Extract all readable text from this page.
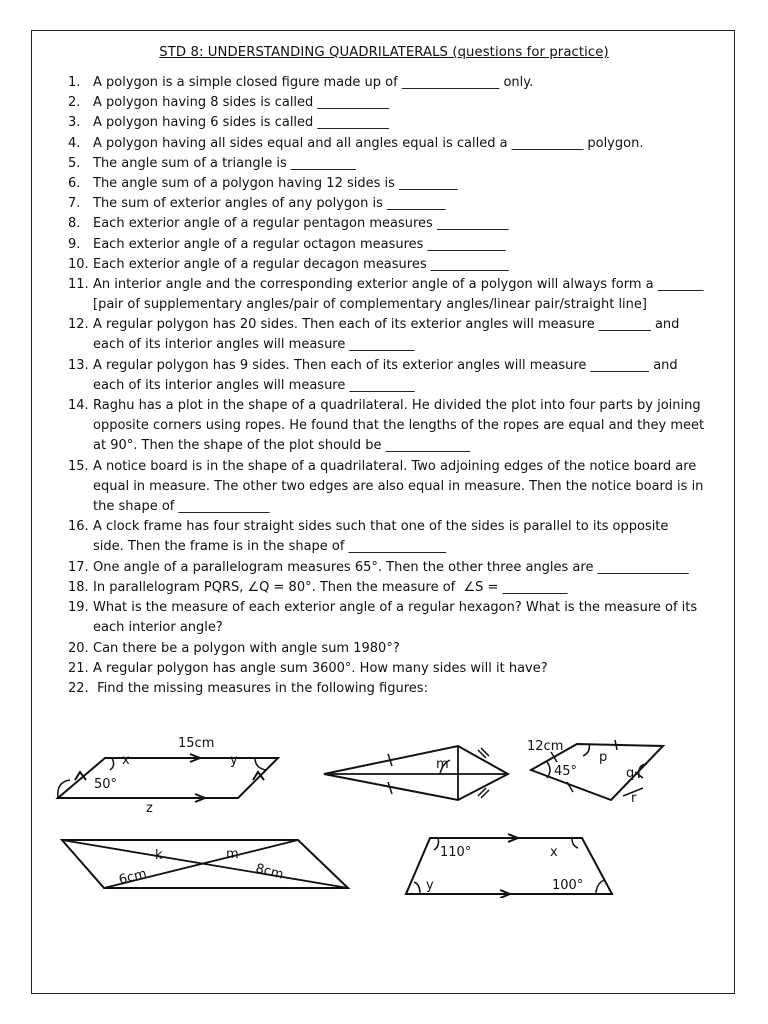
STD 8: UNDERSTANDING QUADRILATERALS (questions for practice)
1. A polygon is a simple closed figure made up of _______________ only.
2. A polygon having 8 sides is called ___________
3. A polygon having 6 sides is called ___________
4. A polygon having all sides equal and all angles equal is called a ___________ polygon.
5. The angle sum of a triangle is __________
6. The angle sum of a polygon having 12 sides is _________
7. The sum of exterior angles of any polygon is _________
8. Each exterior angle of a regular pentagon measures ___________
9. Each exterior angle of a regular octagon measures ____________
10. Each exterior angle of a regular decagon measures ____________
11. An interior angle and the corresponding exterior angle of a polygon will always form a _______
[pair of supplementary angles/pair of complementary angles/linear pair/straight line]
12. A regular polygon has 20 sides. Then each of its exterior angles will measure ________ and
each of its interior angles will measure __________
13. A regular polygon has 9 sides. Then each of its exterior angles will measure _________ and
each of its interior angles will measure __________
14. Raghu has a plot in the shape of a quadrilateral. He divided the plot into four parts by joining
opposite corners using ropes. He found that the lengths of the ropes are equal and they meet
at 90°. Then the shape of the plot should be _____________
15. A notice board is in the shape of a quadrilateral. Two adjoining edges of the notice board are
equal in measure. The other two edges are also equal in measure. Then the notice board is in
the shape of ______________
16. A clock frame has four straight sides such that one of the sides is parallel to its opposite
side. Then the frame is in the shape of _______________
17. One angle of a parallelogram measures 65°. Then the other three angles are ______________
18. In parallelogram PQRS, ∠Q = 80°. Then the measure of  ∠S = __________
19. What is the measure of each exterior angle of a regular hexagon? What is the measure of its
each interior angle?
20. Can there be a polygon with angle sum 1980°?
21. A regular polygon has angle sum 3600°. How many sides will it have?
22. Find the missing measures in the following figures:
15cm
x	y
50°
z
m
12cm
45°
p
q
r
k	m
6cm	8cm
110°	x
y	100°
